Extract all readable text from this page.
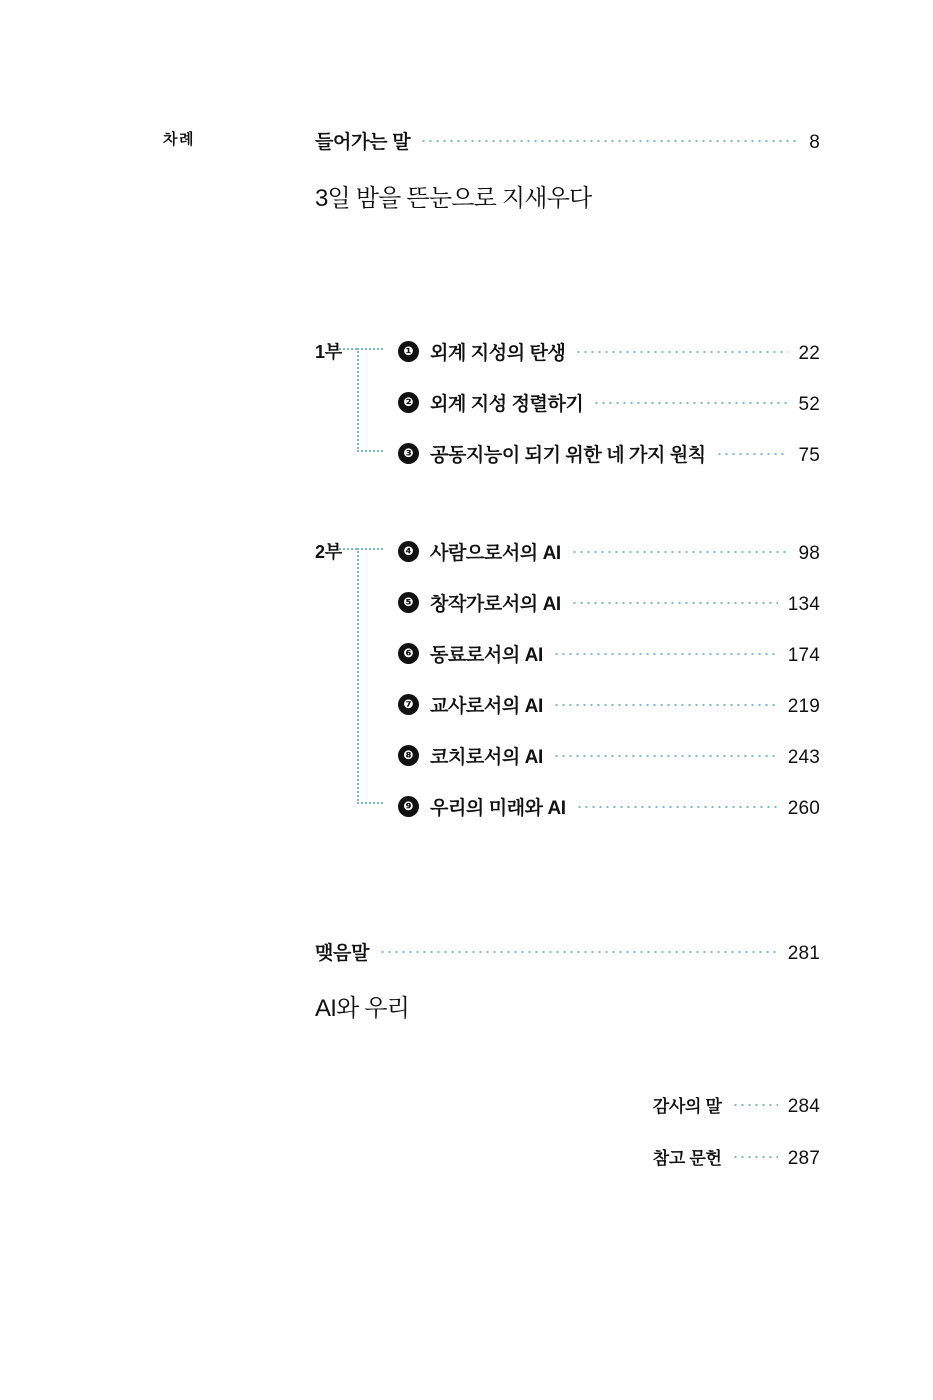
차례	들어가는 말	8
3일 밤을 뜬눈으로 지새우다
1부	❶ 외계 지성의 탄생	22
❷ 외계 지성 정렬하기	52
❸ 공동지능이 되기 위한 네 가지 원칙	75
2부	❹ 사람으로서의 AI	98
❺ 창작가로서의 AI	134
❻ 동료로서의 AI	174
❼ 교사로서의 AI	219
❽ 코치로서의 AI	243
❾ 우리의 미래와 AI	260
맺음말	281
AI와 우리
감사의 말	284
참고 문헌	287
